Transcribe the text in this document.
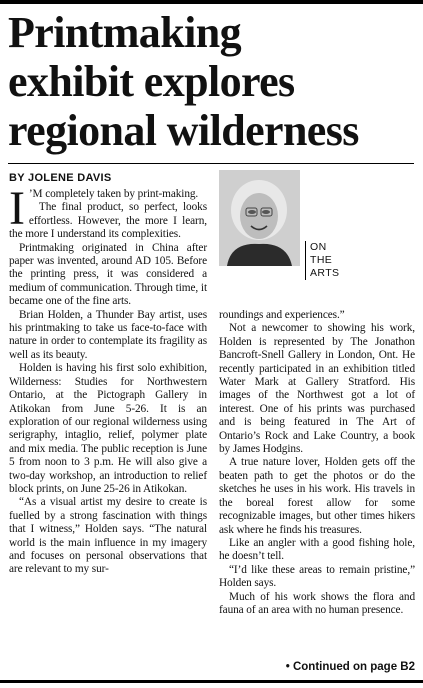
Printmaking
exhibit explores
regional wilderness
BY JOLENE DAVIS
ON
THE
ARTS

I ’M completely taken by print-making.

The final product, so perfect, looks effortless. However, the more I learn, the more I understand its complexities.

Printmaking originated in China after paper was invented, around AD 105. Before the printing press, it was considered a medium of communication. Through time, it became one of the fine arts.

Brian Holden, a Thunder Bay artist, uses his printmaking to take us face-to-face with nature in order to contemplate its fragility as well as its beauty.

Holden is having his first solo exhibition, Wilderness: Studies for Northwestern Ontario, at the Pictograph Gallery in Atikokan from June 5-26. It is an exploration of our regional wilderness using serigraphy, intaglio, relief, polymer plate and mix media. The public reception is June 5 from noon to 3 p.m. He will also give a two-day workshop, an introduction to relief block prints, on June 25-26 in Atikokan.

“As a visual artist my desire to create is fuelled by a strong fascination with things that I witness,” Holden says. “The natural world is the main influence in my imagery and focuses on personal observations that are relevant to my sur-

roundings and experiences.”

Not a newcomer to showing his work, Holden is represented by The Jonathon Bancroft-Snell Gallery in London, Ont. He recently participated in an exhibition titled Water Mark at Gallery Stratford. His images of the Northwest got a lot of interest. One of his prints was purchased and is being featured in The Art of Ontario’s Rock and Lake Country, a book by James Hodgins.

A true nature lover, Holden gets off the beaten path to get the photos or do the sketches he uses in his work. His travels in the boreal forest allow for some recognizable images, but other times hikers ask where he finds his treasures.

Like an angler with a good fishing hole, he doesn’t tell.

“I’d like these areas to remain pristine,” Holden says.

Much of his work shows the flora and fauna of an area with no human presence.

• Continued on page B2
